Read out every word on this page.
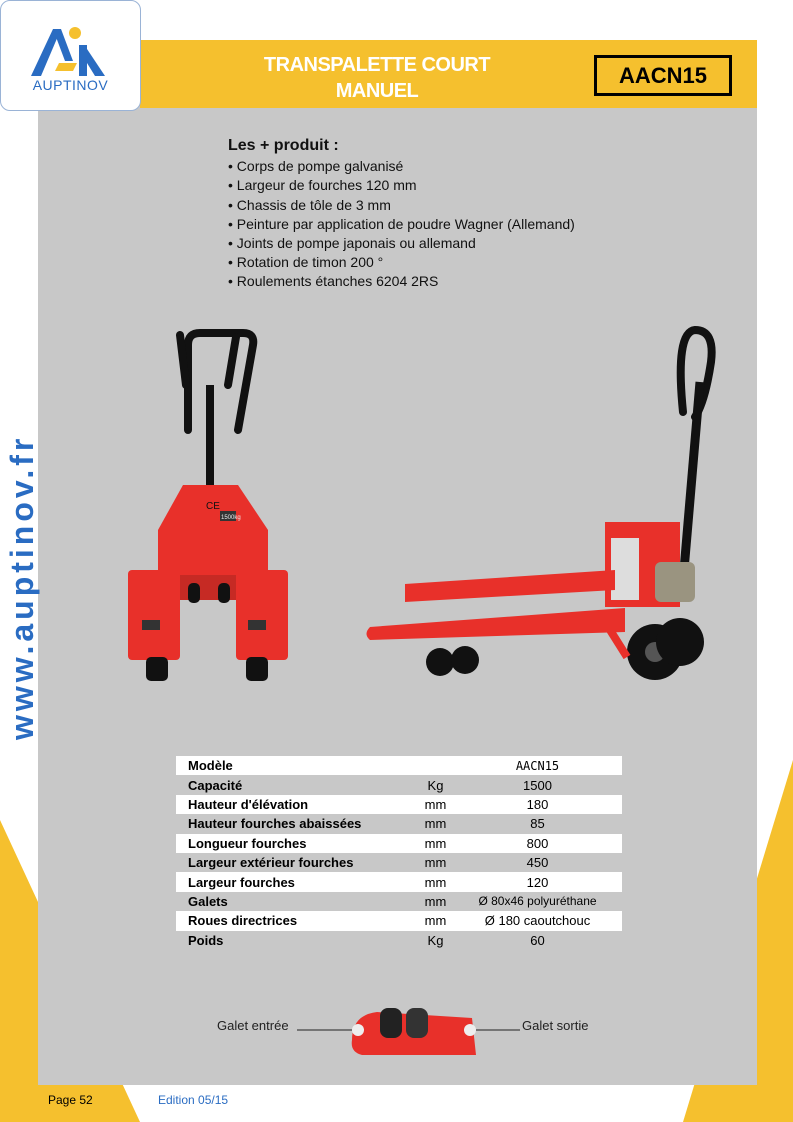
TRANSPALETTE COURT
MANUEL
AACN15
AUPTINOV
www.auptinov.fr
Les + produit :
• Corps de pompe galvanisé
• Largeur de fourches 120 mm
• Chassis de tôle de 3 mm
• Peinture par application de poudre Wagner (Allemand)
• Joints de pompe japonais ou allemand
• Rotation de timon 200 °
• Roulements étanches 6204 2RS
CE
1500kg
Modèle		AACN15
Capacité	Kg	1500
Hauteur d'élévation	mm	180
Hauteur fourches abaissées	mm	85
Longueur fourches	mm	800
Largeur extérieur fourches	mm	450
Largeur fourches	mm	120
Galets	mm	Ø 80x46 polyuréthane
Roues directrices	mm	Ø 180 caoutchouc
Poids	Kg	60
Galet entrée	Galet sortie
Page 52	Edition 05/15
